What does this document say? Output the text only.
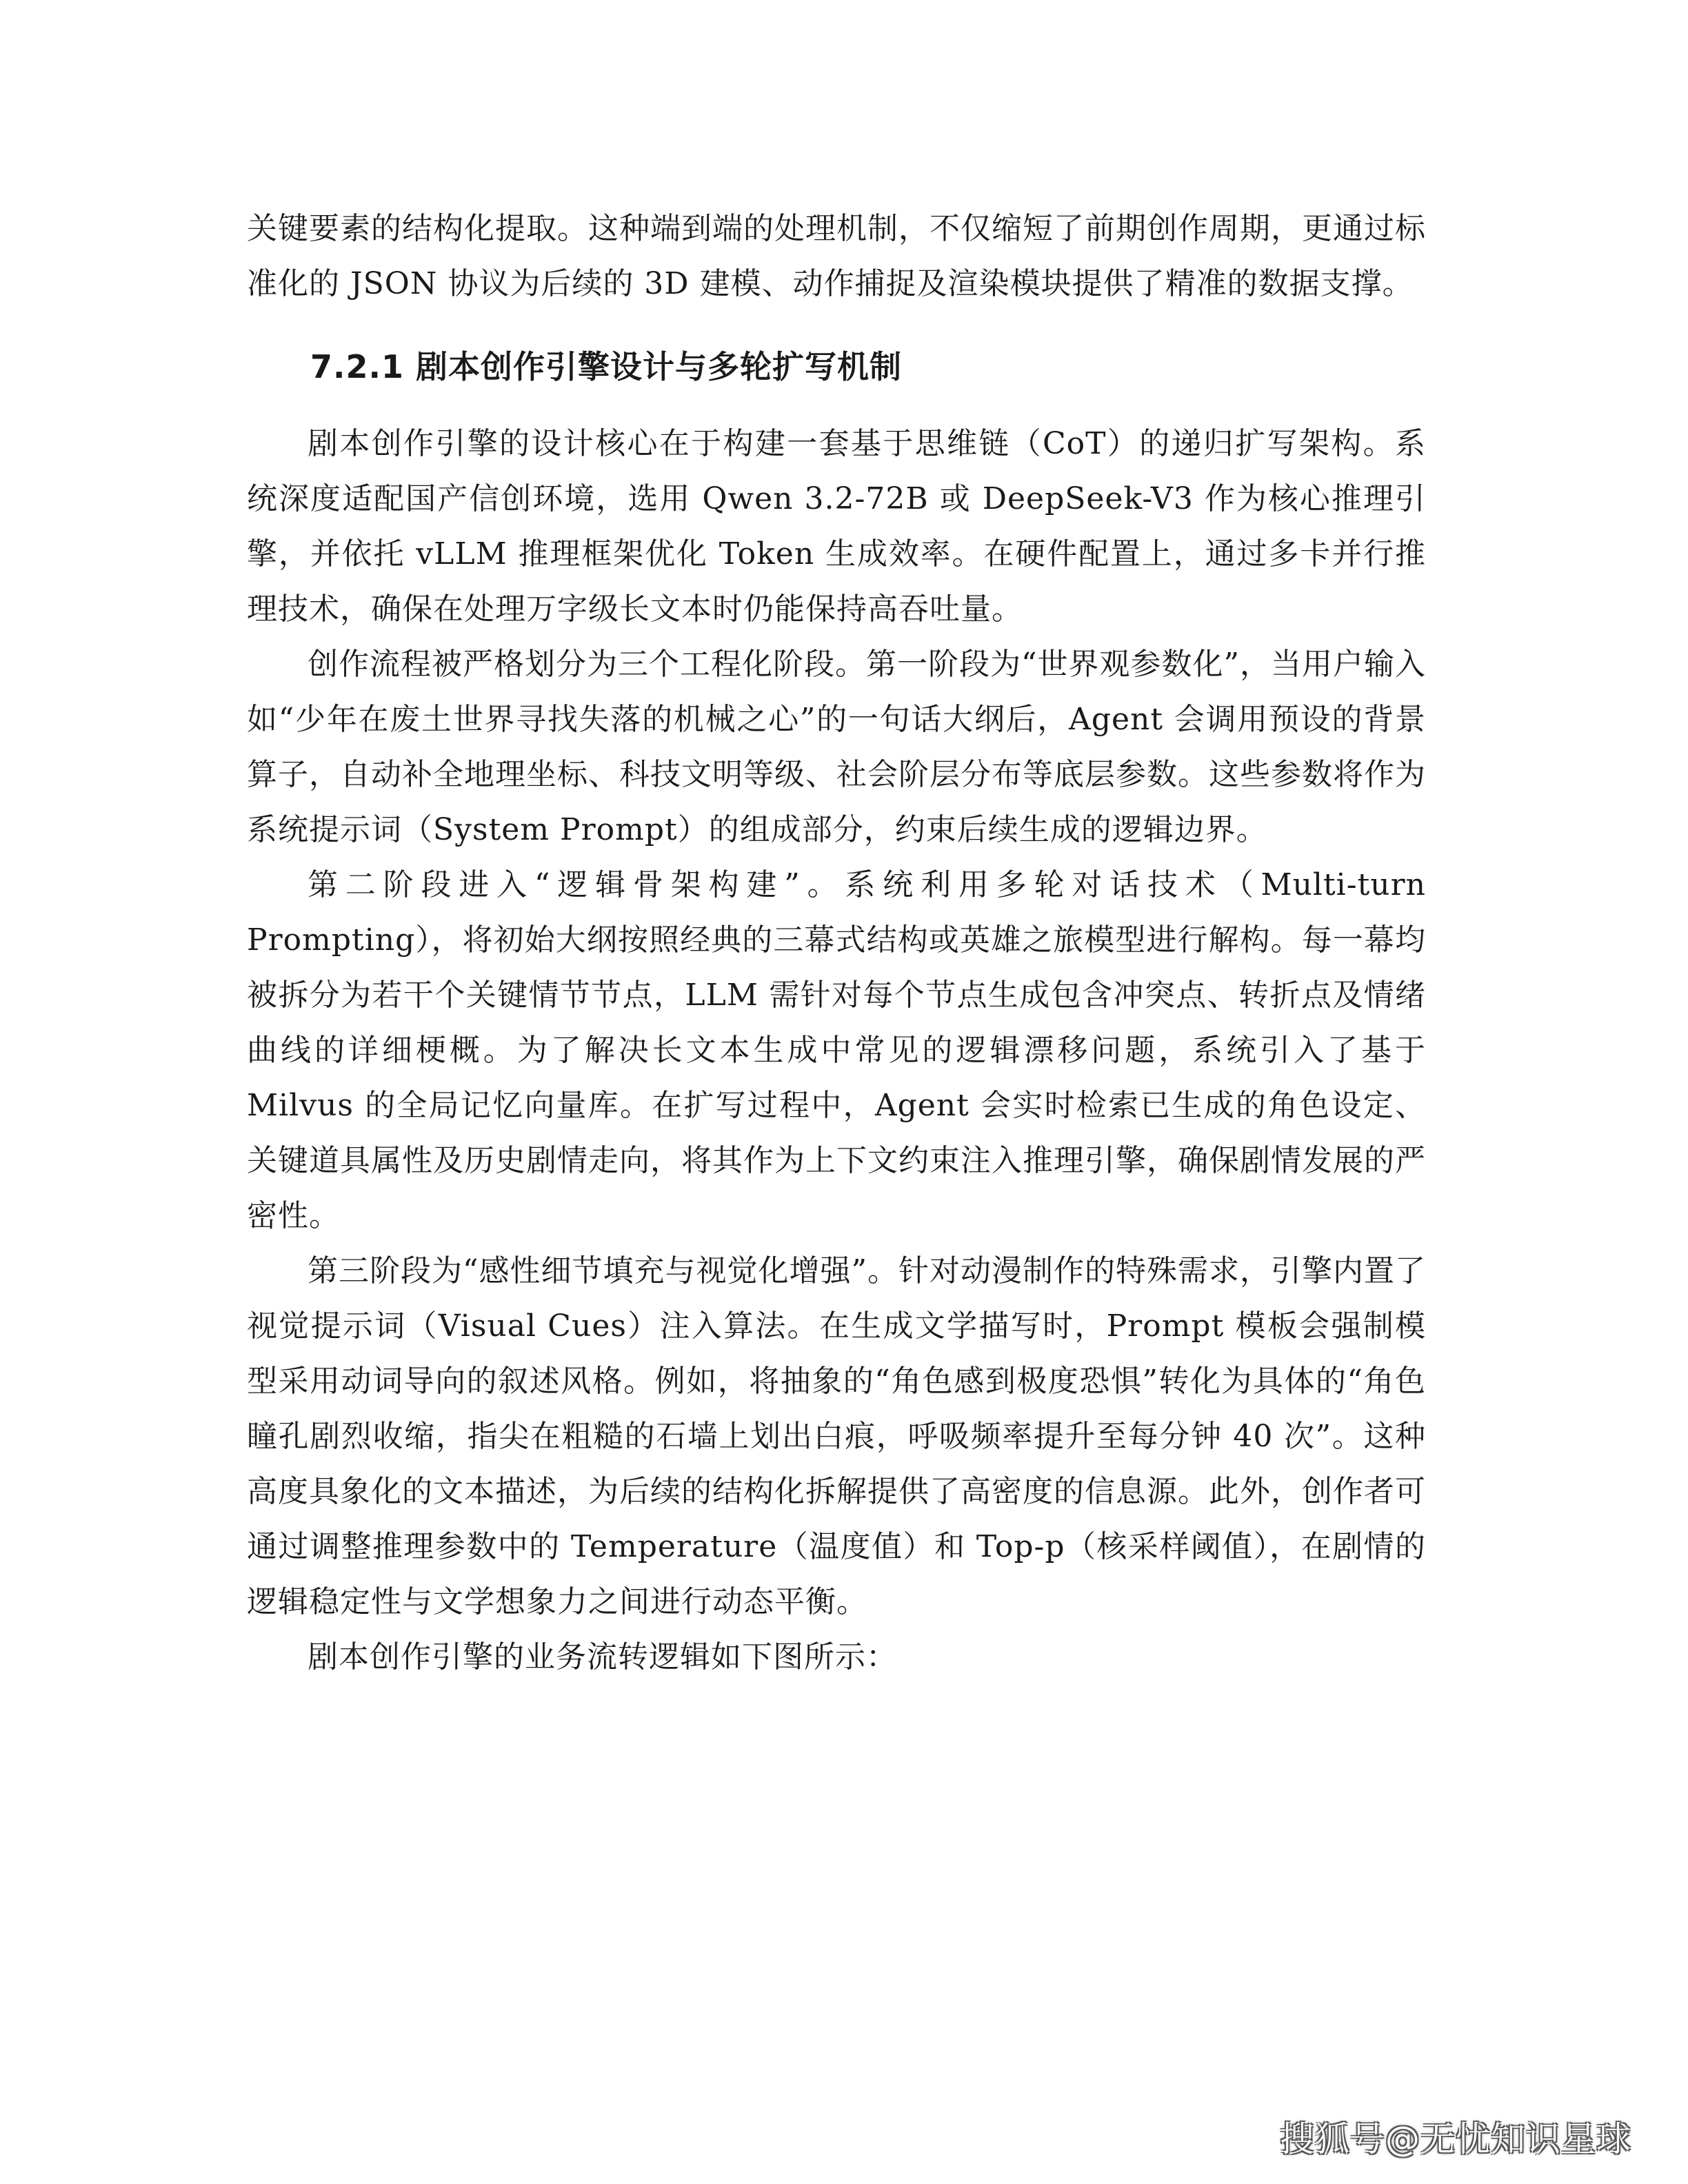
关键要素的结构化提取。这种端到端的处理机制，不仅缩短了前期创作周期，更通过标准化的 JSON 协议为后续的 3D 建模、动作捕捉及渲染模块提供了精准的数据支撑。

7.2.1 剧本创作引擎设计与多轮扩写机制

剧本创作引擎的设计核心在于构建一套基于思维链（CoT）的递归扩写架构。系统深度适配国产信创环境，选用 Qwen 3.2-72B 或 DeepSeek-V3 作为核心推理引擎，并依托 vLLM 推理框架优化 Token 生成效率。在硬件配置上，通过多卡并行推理技术，确保在处理万字级长文本时仍能保持高吞吐量。

创作流程被严格划分为三个工程化阶段。第一阶段为“世界观参数化”，当用户输入如“少年在废土世界寻找失落的机械之心”的一句话大纲后，Agent 会调用预设的背景算子，自动补全地理坐标、科技文明等级、社会阶层分布等底层参数。这些参数将作为系统提示词（System Prompt）的组成部分，约束后续生成的逻辑边界。

第二阶段进入“逻辑骨架构建”。系统利用多轮对话技术（Multi-turn Prompting），将初始大纲按照经典的三幕式结构或英雄之旅模型进行解构。每一幕均被拆分为若干个关键情节节点，LLM 需针对每个节点生成包含冲突点、转折点及情绪曲线的详细梗概。为了解决长文本生成中常见的逻辑漂移问题，系统引入了基于 Milvus 的全局记忆向量库。在扩写过程中，Agent 会实时检索已生成的角色设定、关键道具属性及历史剧情走向，将其作为上下文约束注入推理引擎，确保剧情发展的严密性。

第三阶段为“感性细节填充与视觉化增强”。针对动漫制作的特殊需求，引擎内置了视觉提示词（Visual Cues）注入算法。在生成文学描写时，Prompt 模板会强制模型采用动词导向的叙述风格。例如，将抽象的“角色感到极度恐惧”转化为具体的“角色瞳孔剧烈收缩，指尖在粗糙的石墙上划出白痕，呼吸频率提升至每分钟 40 次”。这种高度具象化的文本描述，为后续的结构化拆解提供了高密度的信息源。此外，创作者可通过调整推理参数中的 Temperature（温度值）和 Top-p（核采样阈值），在剧情的逻辑稳定性与文学想象力之间进行动态平衡。

剧本创作引擎的业务流转逻辑如下图所示：

搜狐号@无忧知识星球
